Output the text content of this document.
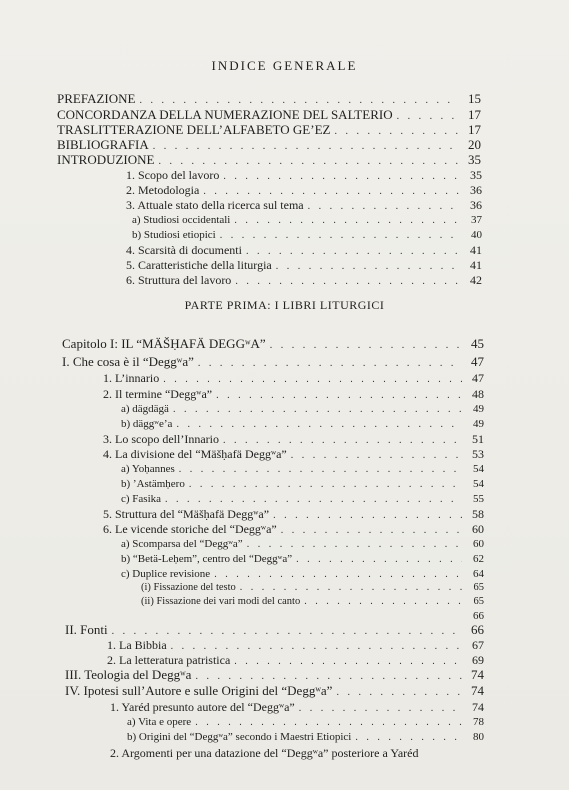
INDICE GENERALE
PREFAZIONE . . .	15
CONCORDANZA DELLA NUMERAZIONE DEL SALTERIO . . .	17
TRASLITTERAZIONE DELL’ALFABETO GE’EZ . . .	17
BIBLIOGRAFIA . . .	20
INTRODUZIONE . . .	35
1. Scopo del lavoro . . .	35
2. Metodologia . . .	36
3. Attuale stato della ricerca sul tema . . .	36
a) Studiosi occidentali . . .	37
b) Studiosi etiopici . . .	40
4. Scarsità di documenti . . .	41
5. Caratteristiche della liturgia . . .	41
6. Struttura del lavoro . . .	42
PARTE PRIMA: I LIBRI LITURGICI
Capitolo I: IL “MÄŠḤAFÄ DEGGʷA” . . .	45
I. Che cosa è il “Deggʷa” . . .	47
1. L’innario . . .	47
2. Il termine “Deggʷa” . . .	48
a) dägdägä . . .	49
b) däggʷe’a . . .	49
3. Lo scopo dell’Innario . . .	51
4. La divisione del “Mäšḥafä Deggʷa” . . .	53
a) Yoḥannes . . .	54
b) ’Astämḥero . . .	54
c) Fasika . . .	55
5. Struttura del “Mäšḥafä Deggʷa” . . .	58
6. Le vicende storiche del “Deggʷa” . . .	60
a) Scomparsa del “Deggʷa” . . .	60
b) “Betä-Leḥem”, centro del “Deggʷa” . . .	62
c) Duplice revisione . . .	64
(i) Fissazione del testo . . .	65
(ii) Fissazione dei vari modi del canto . . .	65
66
II. Fonti . . .	66
1. La Bibbia . . .	67
2. La letteratura patristica . . .	69
III. Teologia del Deggʷa . . .	74
IV. Ipotesi sull’Autore e sulle Origini del “Deggʷa” . . .	74
1. Yaréd presunto autore del “Deggʷa” . . .	74
a) Vita e opere . . .	78
b) Origini del “Deggʷa” secondo i Maestri Etiopici . . .	80
2. Argomenti per una datazione del “Deggʷa” posteriore a Yaréd
